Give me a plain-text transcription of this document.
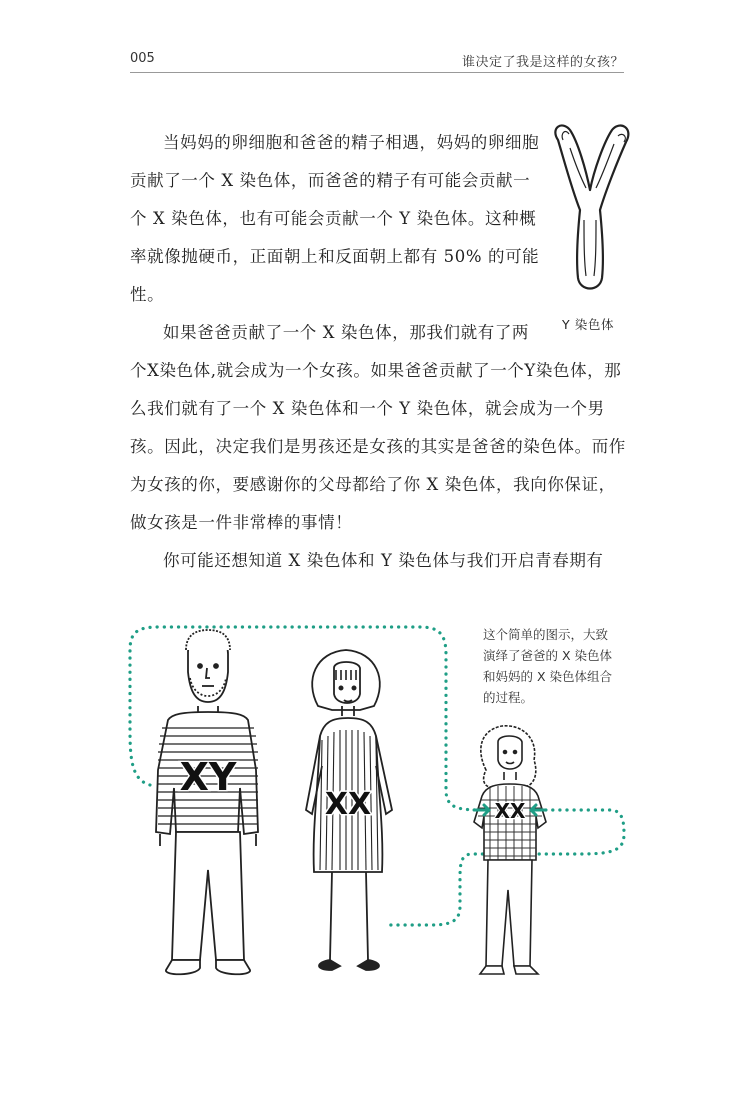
005	谁决定了我是这样的女孩？
Y 染色体

当妈妈的卵细胞和爸爸的精子相遇，妈妈的卵细胞贡献了一个 X 染色体，而爸爸的精子有可能会贡献一个 X 染色体，也有可能会贡献一个 Y 染色体。这种概率就像抛硬币，正面朝上和反面朝上都有 50% 的可能性。

如果爸爸贡献了一个 X 染色体，那我们就有了两个X染色体,就会成为一个女孩。如果爸爸贡献了一个Y染色体，那么我们就有了一个 X 染色体和一个 Y 染色体，就会成为一个男孩。因此，决定我们是男孩还是女孩的其实是爸爸的染色体。而作为女孩的你，要感谢你的父母都给了你 X 染色体，我向你保证，做女孩是一件非常棒的事情！

你可能还想知道 X 染色体和 Y 染色体与我们开启青春期有

XY
XX	XX
这个简单的图示，大致
演绎了爸爸的 X 染色体
和妈妈的 X 染色体组合
的过程。
